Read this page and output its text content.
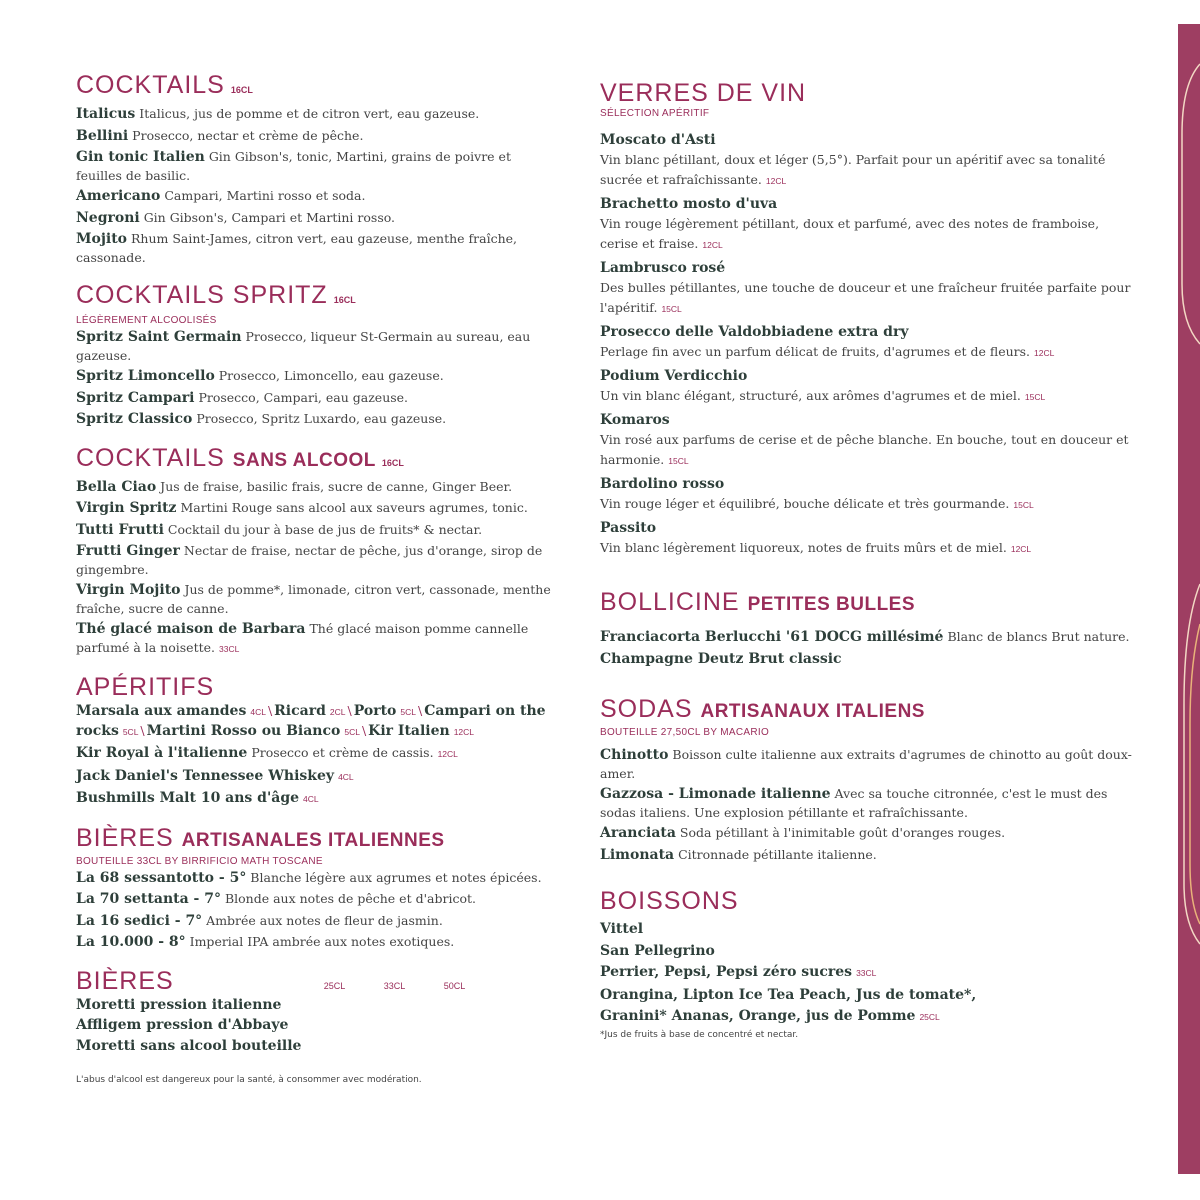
COCKTAILS 16CL

Italicus Italicus, jus de pomme et de citron vert, eau gazeuse.

Bellini Prosecco, nectar et crème de pêche.

Gin tonic Italien Gin Gibson's, tonic, Martini, grains de poivre et feuilles de basilic.

Americano Campari, Martini rosso et soda.

Negroni Gin Gibson's, Campari et Martini rosso.

Mojito Rhum Saint-James, citron vert, eau gazeuse, menthe fraîche, cassonade.

COCKTAILS SPRITZ 16CL

LÉGÈREMENT ALCOOLISÉS

Spritz Saint Germain Prosecco, liqueur St-Germain au sureau, eau gazeuse.

Spritz Limoncello Prosecco, Limoncello, eau gazeuse.

Spritz Campari Prosecco, Campari, eau gazeuse.

Spritz Classico Prosecco, Spritz Luxardo, eau gazeuse.

COCKTAILS SANS ALCOOL 16CL

Bella Ciao Jus de fraise, basilic frais, sucre de canne, Ginger Beer.

Virgin Spritz Martini Rouge sans alcool aux saveurs agrumes, tonic.

Tutti Frutti Cocktail du jour à base de jus de fruits* & nectar.

Frutti Ginger Nectar de fraise, nectar de pêche, jus d'orange, sirop de gingembre.

Virgin Mojito Jus de pomme*, limonade, citron vert, cassonade, menthe fraîche, sucre de canne.

Thé glacé maison de Barbara Thé glacé maison pomme cannelle parfumé à la noisette. 33CL

APÉRITIFS

Marsala aux amandes 4CL \ Ricard 2CL \ Porto 5CL \ Campari on the rocks 5CL \ Martini Rosso ou Bianco 5CL \ Kir Italien 12CL

Kir Royal à l'italienne Prosecco et crème de cassis. 12CL

Jack Daniel's Tennessee Whiskey 4CL

Bushmills Malt 10 ans d'âge 4CL

BIÈRES ARTISANALES ITALIENNES

BOUTEILLE 33CL BY BIRRIFICIO MATH TOSCANE

La 68 sessantotto - 5° Blanche légère aux agrumes et notes épicées.

La 70 settanta - 7° Blonde aux notes de pêche et d'abricot.

La 16 sedici - 7° Ambrée aux notes de fleur de jasmin.

La 10.000 - 8° Imperial IPA ambrée aux notes exotiques.

BIÈRES	25CL	33CL	50CL

Moretti pression italienne

Affligem pression d'Abbaye

Moretti sans alcool bouteille

L'abus d'alcool est dangereux pour la santé, à consommer avec modération.

VERRES DE VIN

SÉLECTION APÉRITIF

Moscato d'Asti
Vin blanc pétillant, doux et léger (5,5°). Parfait pour un apéritif avec sa tonalité sucrée et rafraîchissante. 12CL
Brachetto mosto d'uva
Vin rouge légèrement pétillant, doux et parfumé, avec des notes de framboise, cerise et fraise. 12CL
Lambrusco rosé
Des bulles pétillantes, une touche de douceur et une fraîcheur fruitée parfaite pour l'apéritif. 15CL
Prosecco delle Valdobbiadene extra dry
Perlage fin avec un parfum délicat de fruits, d'agrumes et de fleurs. 12CL
Podium Verdicchio
Un vin blanc élégant, structuré, aux arômes d'agrumes et de miel. 15CL
Komaros
Vin rosé aux parfums de cerise et de pêche blanche. En bouche, tout en douceur et harmonie. 15CL
Bardolino rosso
Vin rouge léger et équilibré, bouche délicate et très gourmande. 15CL
Passito
Vin blanc légèrement liquoreux, notes de fruits mûrs et de miel. 12CL
BOLLICINE PETITES BULLES

Franciacorta Berlucchi '61 DOCG millésimé Blanc de blancs Brut nature.

Champagne Deutz Brut classic

SODAS ARTISANAUX ITALIENS

BOUTEILLE 27,50CL BY MACARIO

Chinotto Boisson culte italienne aux extraits d'agrumes de chinotto au goût doux-amer.

Gazzosa - Limonade italienne Avec sa touche citronnée, c'est le must des sodas italiens. Une explosion pétillante et rafraîchissante.

Aranciata Soda pétillant à l'inimitable goût d'oranges rouges.

Limonata Citronnade pétillante italienne.

BOISSONS

Vittel

San Pellegrino

Perrier, Pepsi, Pepsi zéro sucres 33CL

Orangina, Lipton Ice Tea Peach, Jus de tomate*,

Granini* Ananas, Orange, jus de Pomme 25CL

*Jus de fruits à base de concentré et nectar.
